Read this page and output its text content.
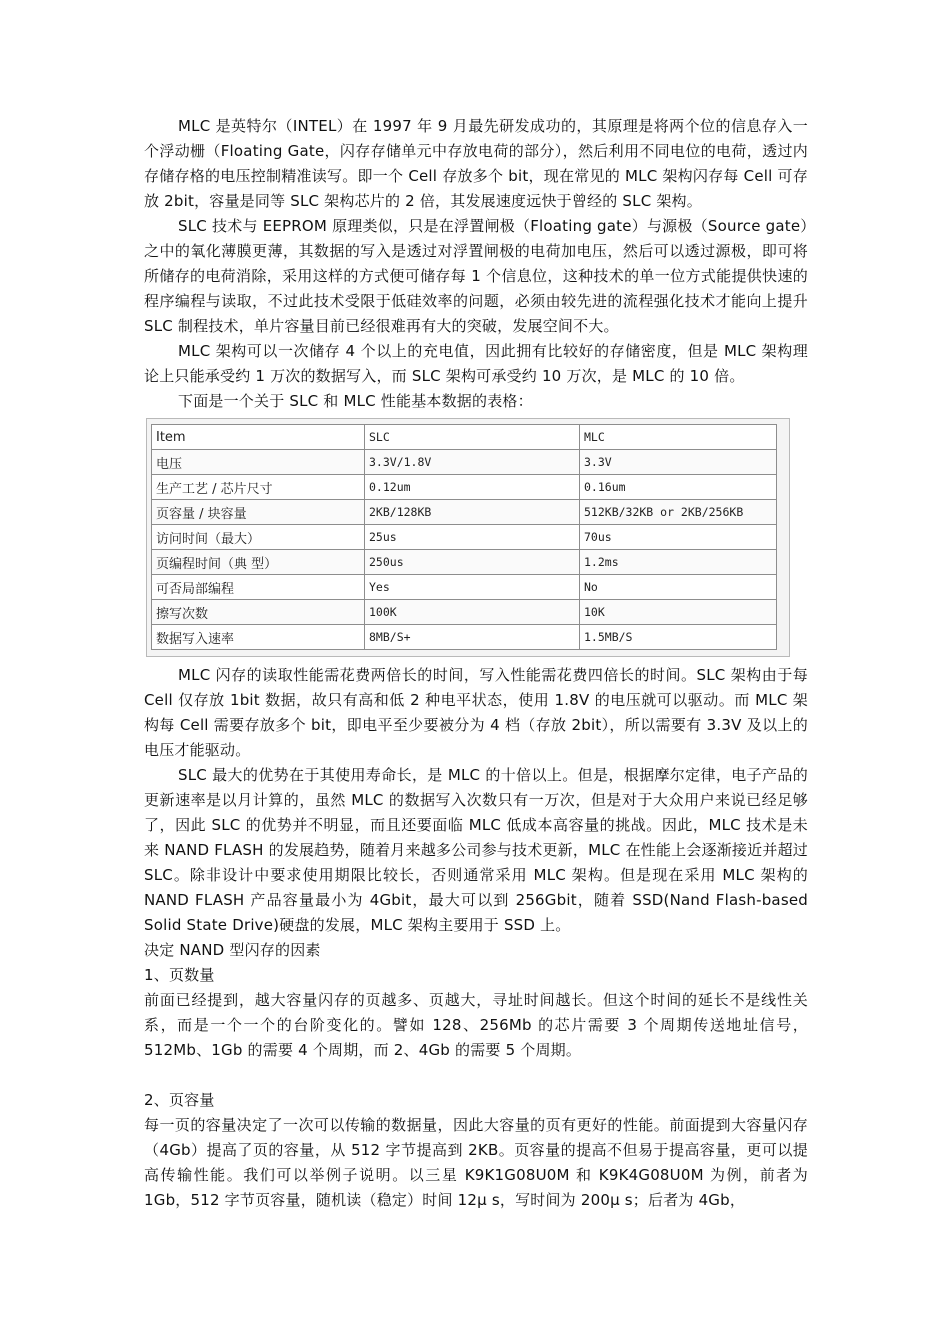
MLC 是英特尔（INTEL）在 1997 年 9 月最先研发成功的，其原理是将两个位的信息存入一个浮动栅（Floating Gate，闪存存储单元中存放电荷的部分），然后利用不同电位的电荷，透过内存储存格的电压控制精准读写。即一个 Cell 存放多个 bit，现在常见的 MLC 架构闪存每 Cell 可存放 2bit，容量是同等 SLC 架构芯片的 2 倍，其发展速度远快于曾经的 SLC 架构。

SLC 技术与 EEPROM 原理类似，只是在浮置闸极（Floating gate）与源极（Source gate）之中的氧化薄膜更薄，其数据的写入是透过对浮置闸极的电荷加电压，然后可以透过源极，即可将所储存的电荷消除，采用这样的方式便可储存每 1 个信息位，这种技术的单一位方式能提供快速的程序编程与读取，不过此技术受限于低硅效率的问题，必须由较先进的流程强化技术才能向上提升 SLC 制程技术，单片容量目前已经很难再有大的突破，发展空间不大。

MLC 架构可以一次储存 4 个以上的充电值，因此拥有比较好的存储密度，但是 MLC 架构理论上只能承受约 1 万次的数据写入，而 SLC 架构可承受约 10 万次，是 MLC 的 10 倍。

下面是一个关于 SLC 和 MLC 性能基本数据的表格：

Item	SLC	MLC
电压	3.3V/1.8V	3.3V
生产工艺 / 芯片尺寸	0.12um	0.16um
页容量 / 块容量	2KB/128KB	512KB/32KB or 2KB/256KB
访问时间（最大）	25us	70us
页编程时间（典 型）	250us	1.2ms
可否局部编程	Yes	No
擦写次数	100K	10K
数据写入速率	8MB/S+	1.5MB/S

MLC 闪存的读取性能需花费两倍长的时间，写入性能需花费四倍长的时间。SLC 架构由于每 Cell 仅存放 1bit 数据，故只有高和低 2 种电平状态，使用 1.8V 的电压就可以驱动。而 MLC 架构每 Cell 需要存放多个 bit，即电平至少要被分为 4 档（存放 2bit），所以需要有 3.3V 及以上的电压才能驱动。

SLC 最大的优势在于其使用寿命长，是 MLC 的十倍以上。但是，根据摩尔定律，电子产品的更新速率是以月计算的，虽然 MLC 的数据写入次数只有一万次，但是对于大众用户来说已经足够了，因此 SLC 的优势并不明显，而且还要面临 MLC 低成本高容量的挑战。因此，MLC 技术是未来 NAND FLASH 的发展趋势，随着月来越多公司参与技术更新，MLC 在性能上会逐渐接近并超过 SLC。除非设计中要求使用期限比较长，否则通常采用 MLC 架构。但是现在采用 MLC 架构的 NAND FLASH 产品容量最小为 4Gbit，最大可以到 256Gbit，随着 SSD(Nand Flash-based Solid State Drive)硬盘的发展，MLC 架构主要用于 SSD 上。

决定 NAND 型闪存的因素

1、页数量

前面已经提到，越大容量闪存的页越多、页越大，寻址时间越长。但这个时间的延长不是线性关系，而是一个一个的台阶变化的。譬如 128、256Mb 的芯片需要 3 个周期传送地址信号，512Mb、1Gb 的需要 4 个周期，而 2、4Gb 的需要 5 个周期。

2、页容量

每一页的容量决定了一次可以传输的数据量，因此大容量的页有更好的性能。前面提到大容量闪存（4Gb）提高了页的容量，从 512 字节提高到 2KB。页容量的提高不但易于提高容量，更可以提高传输性能。我们可以举例子说明。以三星 K9K1G08U0M 和 K9K4G08U0M 为例，前者为 1Gb，512 字节页容量，随机读（稳定）时间 12μ s，写时间为 200μ s；后者为 4Gb，
